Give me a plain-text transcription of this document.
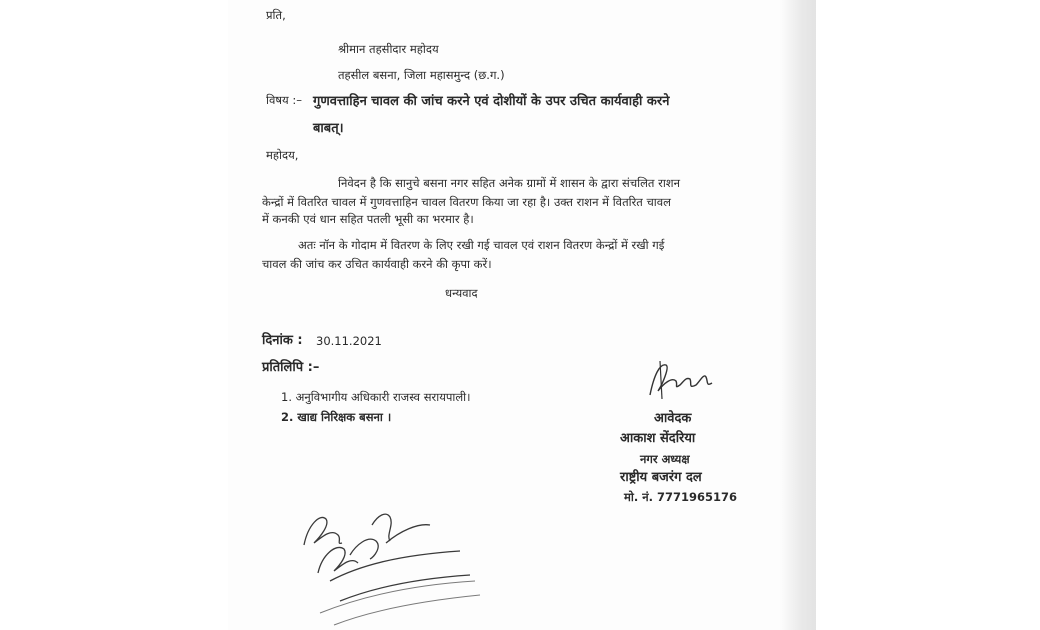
प्रति,
श्रीमान तहसीदार महोदय
तहसील बसना, जिला महासमुन्द (छ.ग.)
विषय :– गुणवत्ताहिन चावल की जांच करने एवं दोशीयों के उपर उचित कार्यवाही करने
बाबत्।
महोदय,
निवेदन है कि सानुचे बसना नगर सहित अनेक ग्रामों में शासन के द्वारा संचलित राशन
केन्द्रों में वितरित चावल में गुणवत्ताहिन चावल वितरण किया जा रहा है। उक्त राशन में वितरित चावल
में कनकी एवं धान सहित पतली भूसी का भरमार है।
अतः नॉन के गोदाम में वितरण के लिए रखी गई चावल एवं राशन वितरण केन्द्रों में रखी गई
चावल की जांच कर उचित कार्यवाही करने की कृपा करें।
धन्यवाद
दिनांक : 30.11.2021
प्रतिलिपि :–
1. अनुविभागीय अधिकारी राजस्व सरायपाली।
2. खाद्य निरिक्षक बसना ।	आवेदक
आकाश सेंदरिया
नगर अध्यक्ष
राष्ट्रीय बजरंग दल
मो. नं. 7771965176
